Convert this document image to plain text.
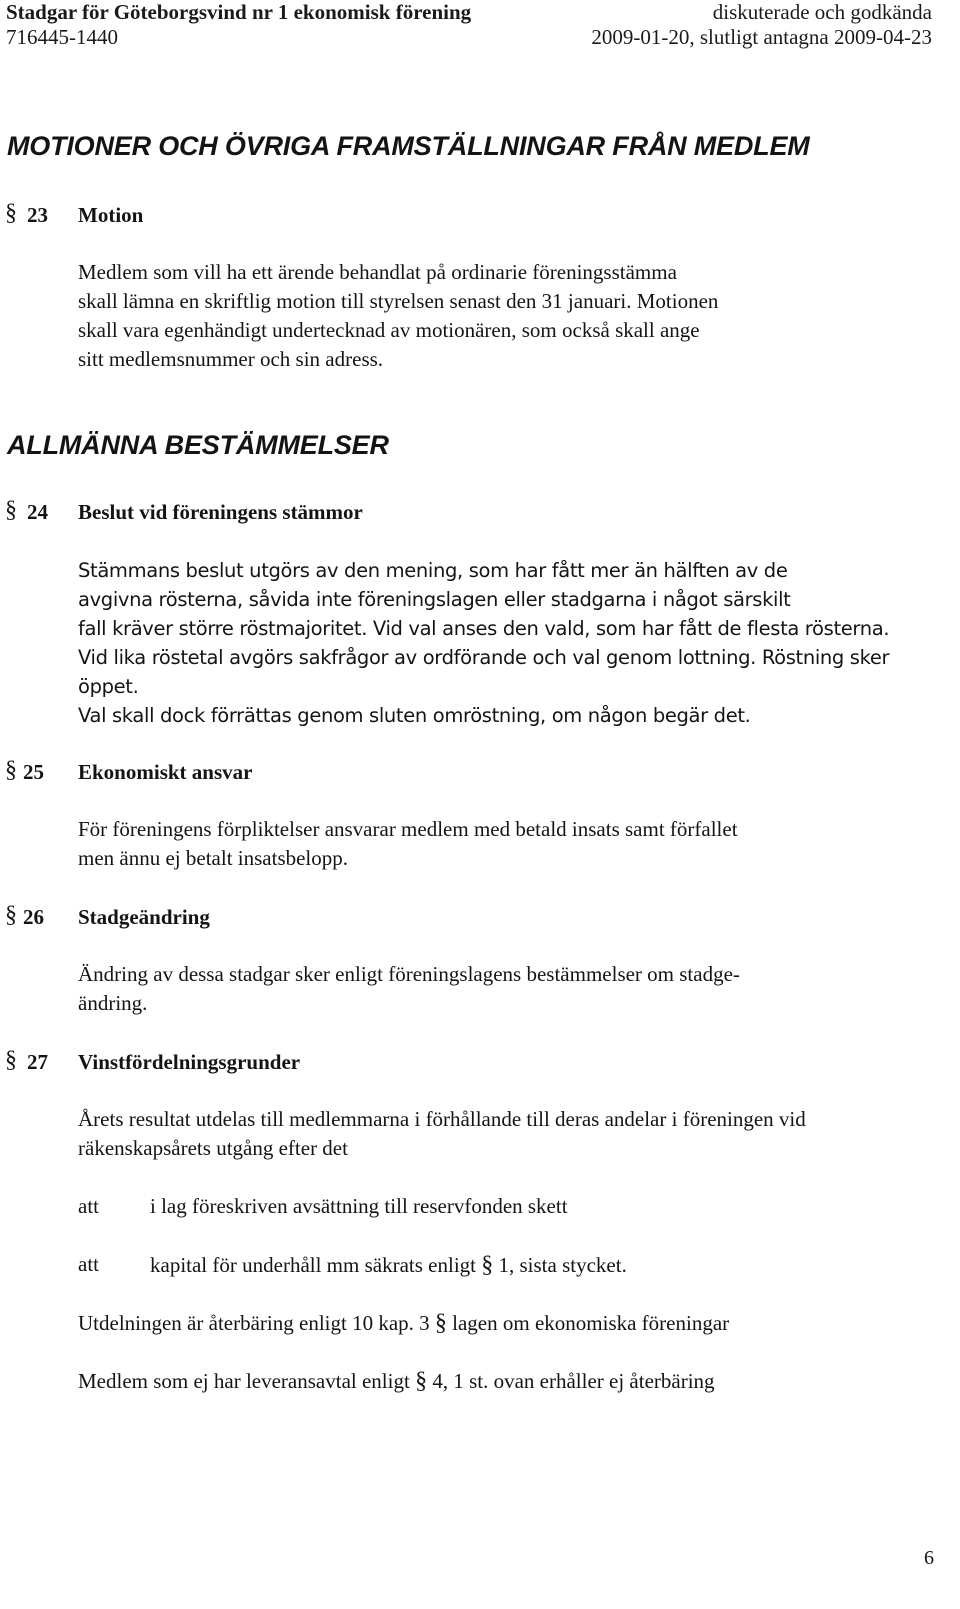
Stadgar för Göteborgsvind nr 1 ekonomisk förening	diskuterade och godkända
716445-1440	2009-01-20, slutligt antagna 2009-04-23
MOTIONER OCH ÖVRIGA FRAMSTÄLLNINGAR FRÅN MEDLEM
§ 23 Motion
Medlem som vill ha ett ärende behandlat på ordinarie föreningsstämma
skall lämna en skriftlig motion till styrelsen senast den 31 januari. Motionen
skall vara egenhändigt undertecknad av motionären, som också skall ange
sitt medlemsnummer och sin adress.
ALLMÄNNA BESTÄMMELSER
§ 24 Beslut vid föreningens stämmor
Stämmans beslut utgörs av den mening, som har fått mer än hälften av de
avgivna rösterna, såvida inte föreningslagen eller stadgarna i något särskilt
fall kräver större röstmajoritet. Vid val anses den vald, som har fått de flesta rösterna.
Vid lika röstetal avgörs sakfrågor av ordförande och val genom lottning. Röstning sker
öppet.
Val skall dock förrättas genom sluten omröstning, om någon begär det.
§ 25 Ekonomiskt ansvar
För föreningens förpliktelser ansvarar medlem med betald insats samt förfallet
men ännu ej betalt insatsbelopp.
§ 26 Stadgeändring
Ändring av dessa stadgar sker enligt föreningslagens bestämmelser om stadge-
ändring.
§ 27 Vinstfördelningsgrunder
Årets resultat utdelas till medlemmarna i förhållande till deras andelar i föreningen vid
räkenskapsårets utgång efter det
att i lag föreskriven avsättning till reservfonden skett
att kapital för underhåll mm säkrats enligt § 1, sista stycket.
Utdelningen är återbäring enligt 10 kap. 3 § lagen om ekonomiska föreningar
Medlem som ej har leveransavtal enligt § 4, 1 st. ovan erhåller ej återbäring
6
